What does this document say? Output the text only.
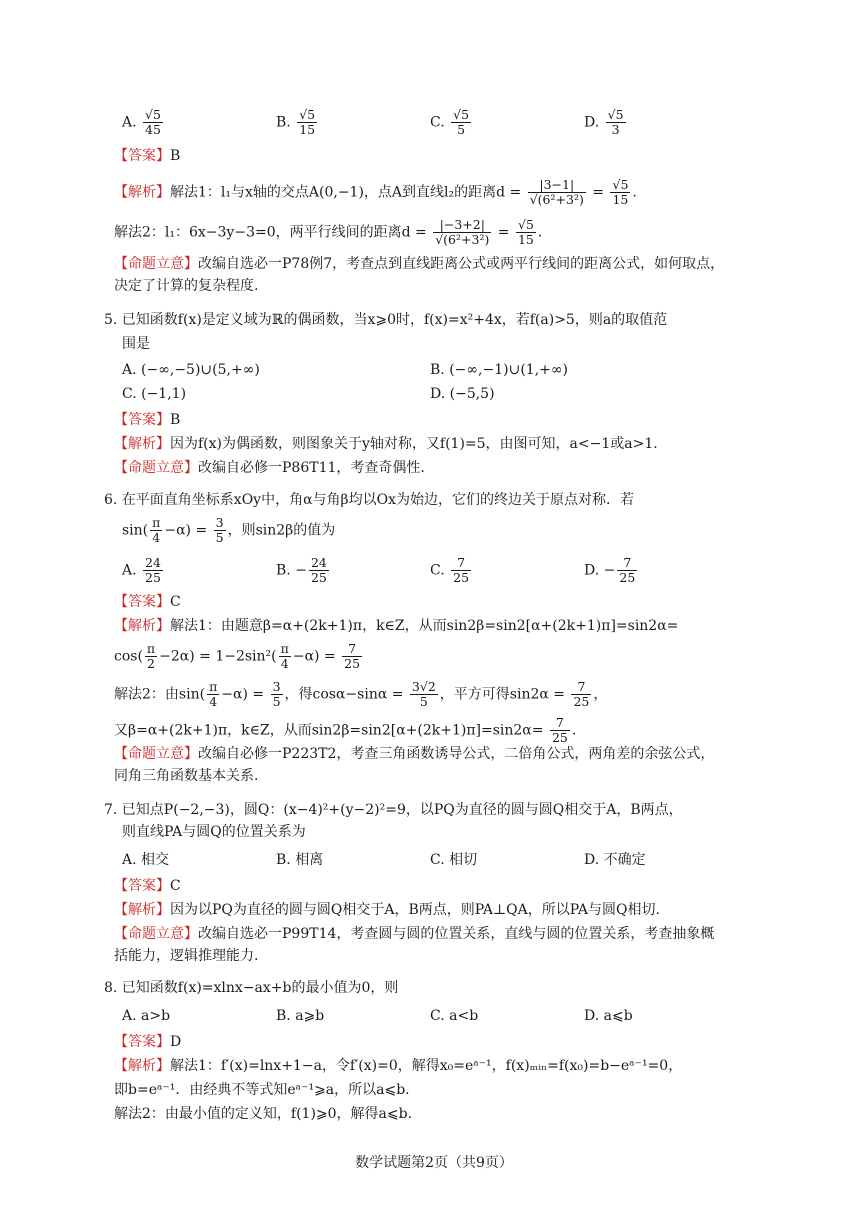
A. $\frac{√5}{45}$	B. $\frac{√5}{15}$	C. $\frac{√5}{5}$	D. $\frac{√5}{3}$
【答案】B
【解析】解法1：l₁与x轴的交点A(0,−1)，点A到直线l₂的距离$d = \frac{|3-1|}{\text{√(6²+3²)}} = \frac{√5}{15}$ .
解法2：l₁：6x−3y−3=0，两平行线间的距离$d = \frac{|-3+2|}{\text{√(6²+3²)}} = \frac{√5}{15}$ .
【命题立意】改编自选必一P78例7，考查点到直线距离公式或两平行线间的距离公式，如何取点，
决定了计算的复杂程度.
5. 已知函数f(x)是定义域为ℝ的偶函数，当x⩾0时，f(x)=x²+4x，若f(a)>5，则a的取值范
围是
A. (−∞,−5)∪(5,+∞)	B. (−∞,−1)∪(1,+∞)
C. (−1,1)	D. (−5,5)
【答案】B
【解析】因为f(x)为偶函数，则图象关于y轴对称，又f(1)=5，由图可知，a<−1或a>1.
【命题立意】改编自必修一P86T11，考查奇偶性.
6. 在平面直角坐标系xOy中，角α与角β均以Ox为始边，它们的终边关于原点对称．若
$\sin( \frac{\pi}{4} -\alpha) = \frac{3}{5}$ ，则sin2β的值为
A. $\frac{24}{25}$	B. − $\frac{24}{25}$	C. $\frac{7}{25}$	D. − $\frac{7}{25}$
【答案】C
【解析】解法1：由题意β=α+(2k+1)π，k∈Z，从而sin2β=sin2[α+(2k+1)π]=sin2α=
$\cos( \frac{\pi}{2} -2\alpha) = 1-2\sin^2( \frac{\pi}{4} -\alpha) = \frac{7}{25}$
解法2：由$\sin( \frac{\pi}{4} -\alpha) = \frac{3}{5}$ ，得$\cos\alpha-\sin\alpha = \frac{3√2}{5}$ ，平方可得$\sin 2\alpha = \frac{7}{25}$ ，
又β=α+(2k+1)π，k∈Z，从而$\sin 2\beta=\sin 2[\alpha+(2k+1)\pi]=\sin 2\alpha= \frac{7}{25}$ .
【命题立意】改编自必修一P223T2，考查三角函数诱导公式，二倍角公式，两角差的余弦公式，
同角三角函数基本关系.
7. 已知点P(−2,−3)，圆Q：(x−4)²+(y−2)²=9，以PQ为直径的圆与圆Q相交于A，B两点，
则直线PA与圆Q的位置关系为
A. 相交	B. 相离	C. 相切	D. 不确定
【答案】C
【解析】因为以PQ为直径的圆与圆Q相交于A，B两点，则PA⊥QA，所以PA与圆Q相切.
【命题立意】改编自选必一P99T14，考查圆与圆的位置关系，直线与圆的位置关系，考查抽象概
括能力，逻辑推理能力.
8. 已知函数f(x)=xlnx−ax+b的最小值为0，则
A. a>b	B. a⩾b	C. a<b	D. a⩽b
【答案】D
【解析】解法1：f′(x)=lnx+1−a，令f′(x)=0，解得x₀=eᵃ⁻¹，f(x)ₘᵢₙ=f(x₀)=b−eᵃ⁻¹=0，
即b=eᵃ⁻¹．由经典不等式知eᵃ⁻¹⩾a，所以a⩽b.
解法2：由最小值的定义知，f(1)⩾0，解得a⩽b.
数学试题第2页（共9页）
